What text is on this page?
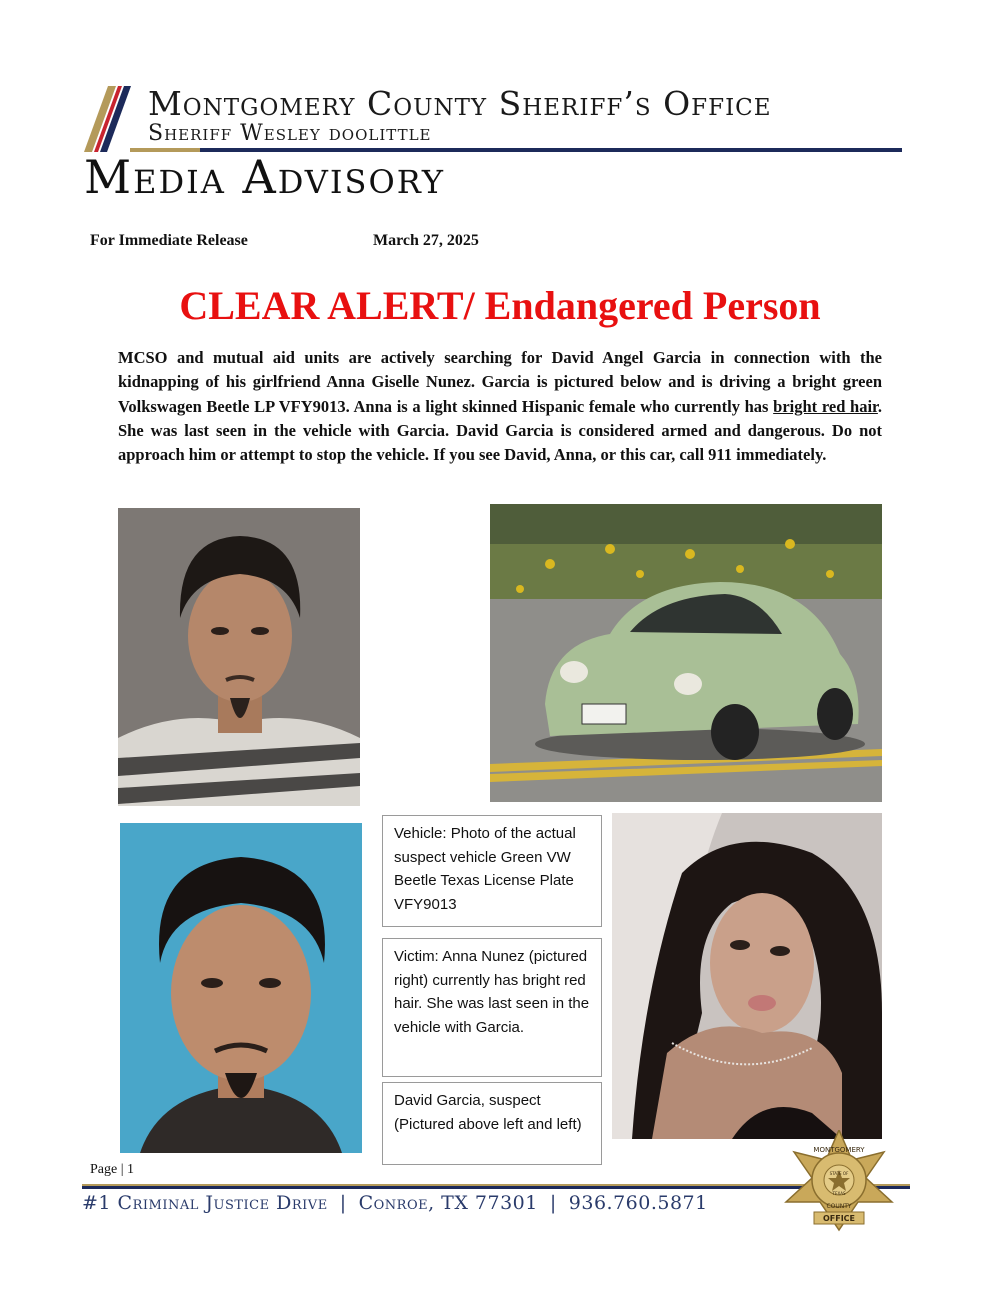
Montgomery County Sheriff’s Office
Sheriff Wesley doolittle
Media Advisory
For Immediate Release	March 27, 2025
CLEAR ALERT/ Endangered Person
MCSO and mutual aid units are actively searching for David Angel Garcia in connection with the kidnapping of his girlfriend Anna Giselle Nunez. Garcia is pictured below and is driving a bright green Volkswagen Beetle LP VFY9013. Anna is a light skinned Hispanic female who currently has bright red hair. She was last seen in the vehicle with Garcia. David Garcia is considered armed and dangerous. Do not approach him or attempt to stop the vehicle. If you see David, Anna, or this car, call 911 immediately.
Vehicle: Photo of the actual suspect vehicle Green VW Beetle Texas License Plate VFY9013
Victim: Anna Nunez (pictured right) currently has bright red hair. She was last seen in the vehicle with Garcia.
David Garcia, suspect (Pictured above left and left)
Page | 1
#1 Criminal Justice Drive | Conroe, TX 77301 | 936.760.5871
MONTGOMERY
STATE OF
TEXAS
COUNTY
OFFICE
